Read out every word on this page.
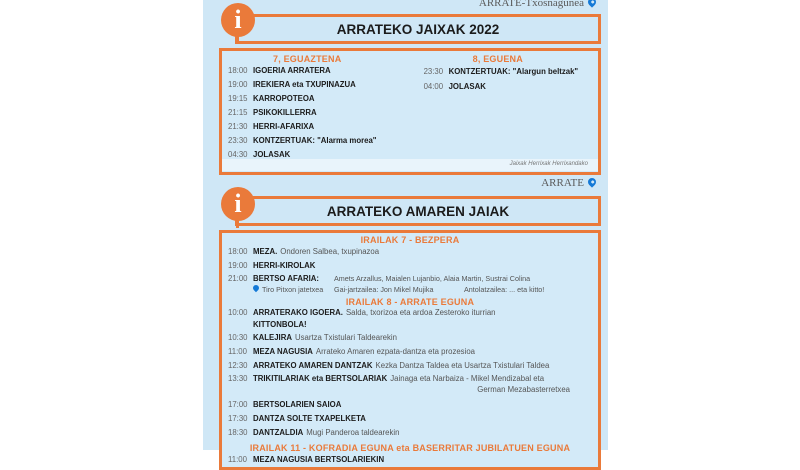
ARRATE-Txosnagunea
i	ARRATEKO JAIXAK 2022
7, EGUAZTENA
18:00 IGOERIA ARRATERA
19:00 IREKIERA eta TXUPINAZUA
19:15 KARROPOTEOA
21:15 PSIKOKILLERRA
21:30 HERRI-AFARIXA
23:30 KONTZERTUAK: "Alarma morea"
04:30 JOLASAK
8, EGUENA
23:30 KONTZERTUAK: "Alargun beltzak"
04:00 JOLASAK
Jaixak Herrixak Herrixandako
ARRATE
i	ARRATEKO AMAREN JAIAK
IRAILAK 7 - BEZPERA
18:00 MEZA. Ondoren Salbea, txupinazoa
19:00 HERRI-KIROLAK
21:00 BERTSO AFARIA:	Amets Arzallus, Maialen Lujanbio, Alaia Martin, Sustrai Colina
Tiro Pitxon jatetxea	Gai-jartzailea: Jon Mikel Mujika	Antolatzailea: ... eta kitto!
IRAILAK 8 - ARRATE EGUNA
10:00 ARRATERAKO IGOERA. Salda, txorizoa eta ardoa Zesteroko iturrian
KITTONBOLA!
10:30 KALEJIRA Usartza Txistulari Taldearekin
11:00 MEZA NAGUSIA Arrateko Amaren ezpata-dantza eta prozesioa
12:30 ARRATEKO AMAREN DANTZAK Kezka Dantza Taldea eta Usartza Txistulari Taldea
13:30 TRIKITILARIAK eta BERTSOLARIAK Jainaga eta Narbaiza - Mikel Mendizabal eta
German Mezabasterretxea
17:00 BERTSOLARIEN SAIOA
17:30 DANTZA SOLTE TXAPELKETA
18:30 DANTZALDIA Mugi Panderoa taldearekin
IRAILAK 11 - KOFRADIA EGUNA eta BASERRITAR JUBILATUEN EGUNA
11:00 MEZA NAGUSIA BERTSOLARIEKIN
